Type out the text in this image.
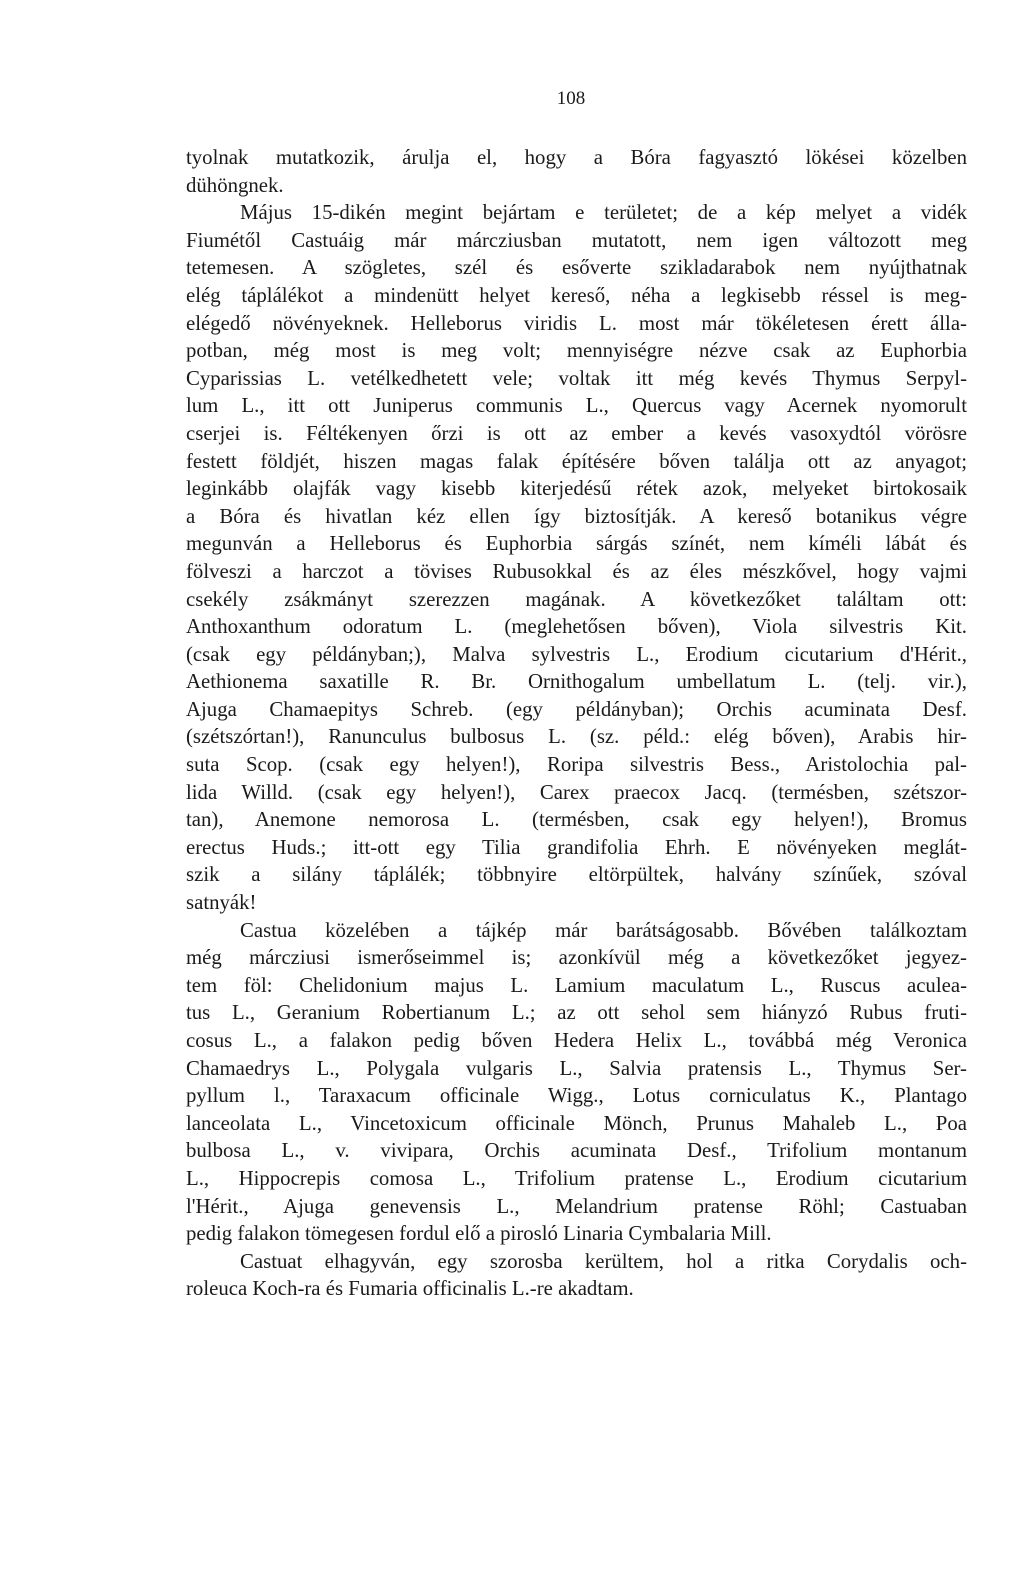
108
tyolnak mutatkozik, árulja el, hogy a Bóra fagyasztó lökései közelben
dühöngnek.
Május 15-dikén megint bejártam e területet; de a kép melyet a vidék
Fiumétől Castuáig már márcziusban mutatott, nem igen változott meg
tetemesen. A szögletes, szél és esőverte szikladarabok nem nyújthatnak
elég táplálékot a mindenütt helyet kereső, néha a legkisebb réssel is meg-
elégedő növényeknek. Helleborus viridis L. most már tökéletesen érett álla-
potban, még most is meg volt; mennyiségre nézve csak az Euphorbia
Cyparissias L. vetélkedhetett vele; voltak itt még kevés Thymus Serpyl-
lum L., itt ott Juniperus communis L., Quercus vagy Acernek nyomorult
cserjei is. Féltékenyen őrzi is ott az ember a kevés vasoxydtól vörösre
festett földjét, hiszen magas falak építésére bőven találja ott az anyagot;
leginkább olajfák vagy kisebb kiterjedésű rétek azok, melyeket birtokosaik
a Bóra és hivatlan kéz ellen így biztosítják. A kereső botanikus végre
megunván a Helleborus és Euphorbia sárgás színét, nem kíméli lábát és
fölveszi a harczot a tövises Rubusokkal és az éles mészkővel, hogy vajmi
csekély zsákmányt szerezzen magának. A következőket találtam ott:
Anthoxanthum odoratum L. (meglehetősen bőven), Viola silvestris Kit.
(csak egy példányban;), Malva sylvestris L., Erodium cicutarium d'Hérit.,
Aethionema saxatille R. Br. Ornithogalum umbellatum L. (telj. vir.),
Ajuga Chamaepitys Schreb. (egy példányban); Orchis acuminata Desf.
(szétszórtan!), Ranunculus bulbosus L. (sz. péld.: elég bőven), Arabis hir-
suta Scop. (csak egy helyen!), Roripa silvestris Bess., Aristolochia pal-
lida Willd. (csak egy helyen!), Carex praecox Jacq. (termésben, szétszor-
tan), Anemone nemorosa L. (termésben, csak egy helyen!), Bromus
erectus Huds.; itt-ott egy Tilia grandifolia Ehrh. E növényeken meglát-
szik a silány táplálék; többnyire eltörpültek, halvány színűek, szóval
satnyák!
Castua közelében a tájkép már barátságosabb. Bővében találkoztam
még márcziusi ismerőseimmel is; azonkívül még a következőket jegyez-
tem föl: Chelidonium majus L. Lamium maculatum L., Ruscus aculea-
tus L., Geranium Robertianum L.; az ott sehol sem hiányzó Rubus fruti-
cosus L., a falakon pedig bőven Hedera Helix L., továbbá még Veronica
Chamaedrys L., Polygala vulgaris L., Salvia pratensis L., Thymus Ser-
pyllum l., Taraxacum officinale Wigg., Lotus corniculatus K., Plantago
lanceolata L., Vincetoxicum officinale Mönch, Prunus Mahaleb L., Poa
bulbosa L., v. vivipara, Orchis acuminata Desf., Trifolium montanum
L., Hippocrepis comosa L., Trifolium pratense L., Erodium cicutarium
l'Hérit., Ajuga genevensis L., Melandrium pratense Röhl; Castuaban
pedig falakon tömegesen fordul elő a pirosló Linaria Cymbalaria Mill.
Castuat elhagyván, egy szorosba kerültem, hol a ritka Corydalis och-
roleuca Koch-ra és Fumaria officinalis L.-re akadtam.
